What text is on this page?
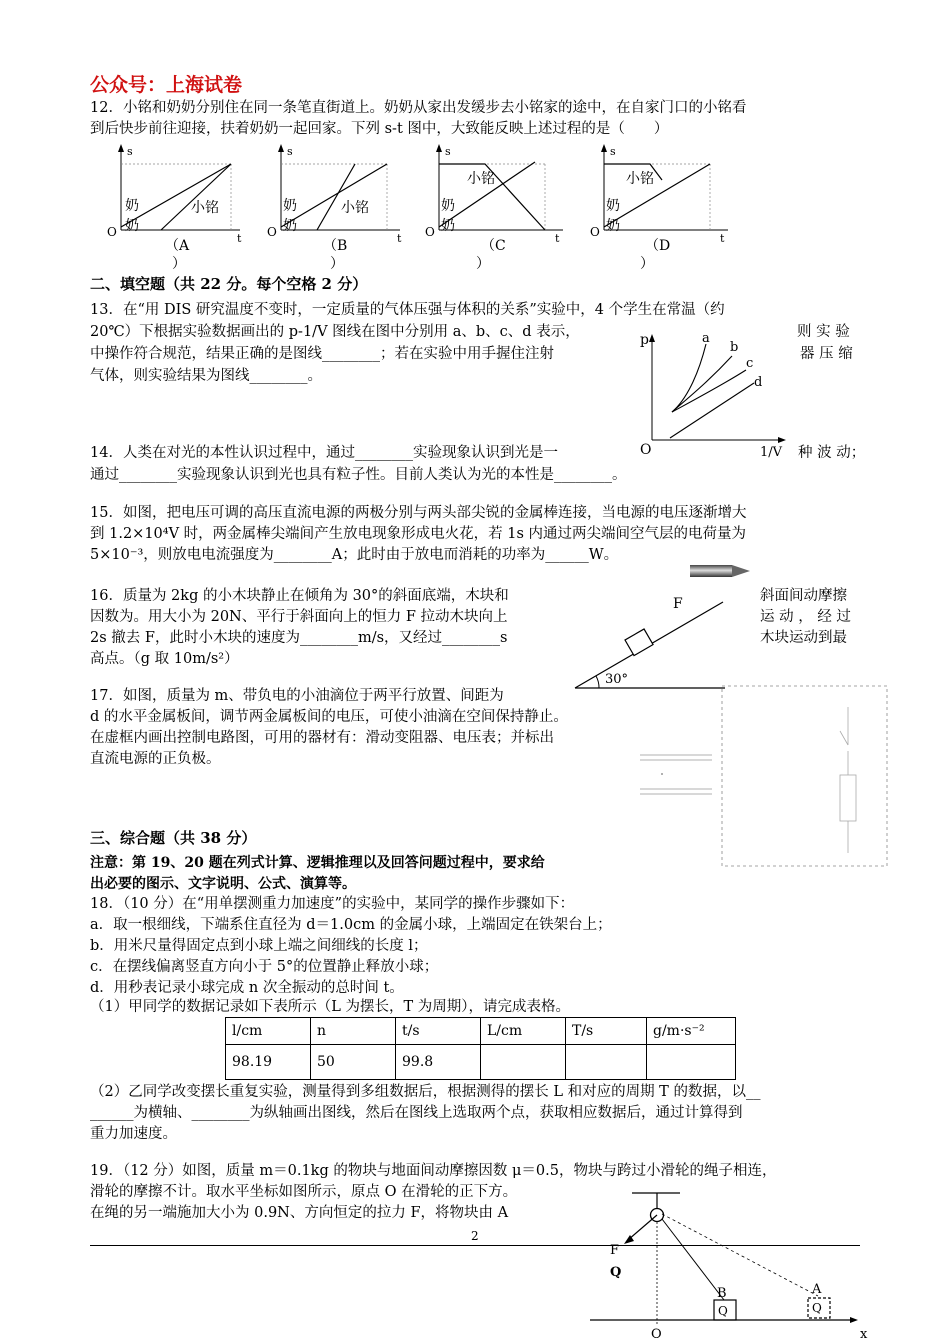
公众号：上海试卷
12．小铭和奶奶分别住在同一条笔直街道上。奶奶从家出发缓步去小铭家的途中，在自家门口的小铭看
到后快步前往迎接，扶着奶奶一起回家。下列 s-t 图中，大致能反映上述过程的是（　　）
s
t
O
奶
奶
小铭
（A
）
s
t
O
奶
奶
小铭
（B
）
s
t
O
奶
奶
小铭
（C
）
s
t
O
奶
奶
小铭
（D
）
二、填空题（共 22 分。每个空格 2 分）
13．在“用 DIS 研究温度不变时，一定质量的气体压强与体积的关系”实验中，4 个学生在常温（约
20℃）下根据实验数据画出的 p-1/V 图线在图中分别用 a、b、c、d 表示，	则 实 验
中操作符合规范，结果正确的是图线________；若在实验中用手握住注射	器 压 缩
气体，则实验结果为图线________。
p
O	1/V
a
b
c
d
14．人类在对光的本性认识过程中，通过________实验现象认识到光是一	种 波 动；
通过________实验现象认识到光也具有粒子性。目前人类认为光的本性是________。
15．如图，把电压可调的高压直流电源的两极分别与两头部尖锐的金属棒连接，当电源的电压逐渐增大
到 1.2×10⁴V 时，两金属棒尖端间产生放电现象形成电火花，若 1s 内通过两尖端间空气层的电荷量为
5×10⁻³，则放电电流强度为________A；此时由于放电而消耗的功率为______W。
16．质量为 2kg 的小木块静止在倾角为 30°的斜面底端，木块和	斜面间动摩擦
因数为。用大小为 20N、平行于斜面向上的恒力 F 拉动木块向上	运 动 ， 经 过
2s 撤去 F，此时小木块的速度为________m/s，又经过________s	木块运动到最
高点。（g 取 10m/s²）
F
30°
17．如图，质量为 m、带负电的小油滴位于两平行放置、间距为
d 的水平金属板间，调节两金属板间的电压，可使小油滴在空间保持静止。
在虚框内画出控制电路图，可用的器材有：滑动变阻器、电压表；并标出
直流电源的正负极。
三、综合题（共 38 分）
注意：第 19、20 题在列式计算、逻辑推理以及回答问题过程中，要求给
出必要的图示、文字说明、公式、演算等。
18．（10 分）在“用单摆测重力加速度”的实验中，某同学的操作步骤如下：
a．取一根细线，下端系住直径为 d＝1.0cm 的金属小球，上端固定在铁架台上；
b．用米尺量得固定点到小球上端之间细线的长度 l；
c．在摆线偏离竖直方向小于 5°的位置静止释放小球；
d．用秒表记录小球完成 n 次全振动的总时间 t。
（1）甲同学的数据记录如下表所示（L 为摆长，T 为周期），请完成表格。
l/cm	n	t/s	L/cm	T/s	g/m·s⁻²
98.19	50	99.8			
（2）乙同学改变摆长重复实验，测量得到多组数据后，根据测得的摆长 L 和对应的周期 T 的数据，以__
______为横轴、________为纵轴画出图线，然后在图线上选取两个点，获取相应数据后，通过计算得到
重力加速度。
19．（12 分）如图，质量 m＝0.1kg 的物块与地面间动摩擦因数 μ＝0.5，物块与跨过小滑轮的绳子相连，
滑轮的摩擦不计。取水平坐标如图所示，原点 O 在滑轮的正下方。
在绳的另一端施加大小为 0.9N、方向恒定的拉力 F，将物块由 A
2
F
Q
B
Q
A
Q
O	x
